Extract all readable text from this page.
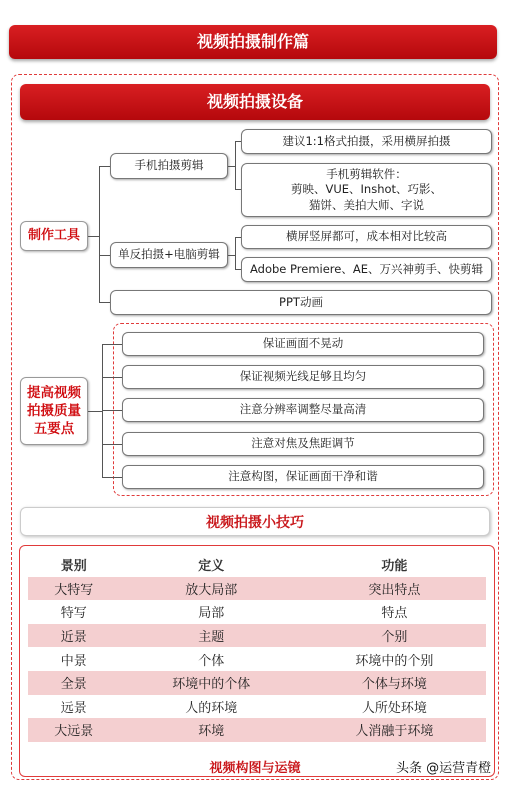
视频拍摄制作篇
视频拍摄设备
制作工具
手机拍摄剪辑
建议1:1格式拍摄，采用横屏拍摄
手机剪辑软件：
剪映、VUE、Inshot、巧影、
猫饼、美拍大师、字说
单反拍摄+电脑剪辑
横屏竖屏都可，成本相对比较高
Adobe Premiere、AE、万兴神剪手、快剪辑
PPT动画
提高视频
拍摄质量
五要点
保证画面不晃动
保证视频光线足够且均匀
注意分辨率调整尽量高清
注意对焦及焦距调节
注意构图，保证画面干净和谐
视频拍摄小技巧
景别	定义	功能
大特写	放大局部	突出特点
特写	局部	特点
近景	主题	个别
中景	个体	环境中的个别
全景	环境中的个体	个体与环境
远景	人的环境	人所处环境
大远景	环境	人消融于环境
视频构图与运镜	头条 @运营青橙
